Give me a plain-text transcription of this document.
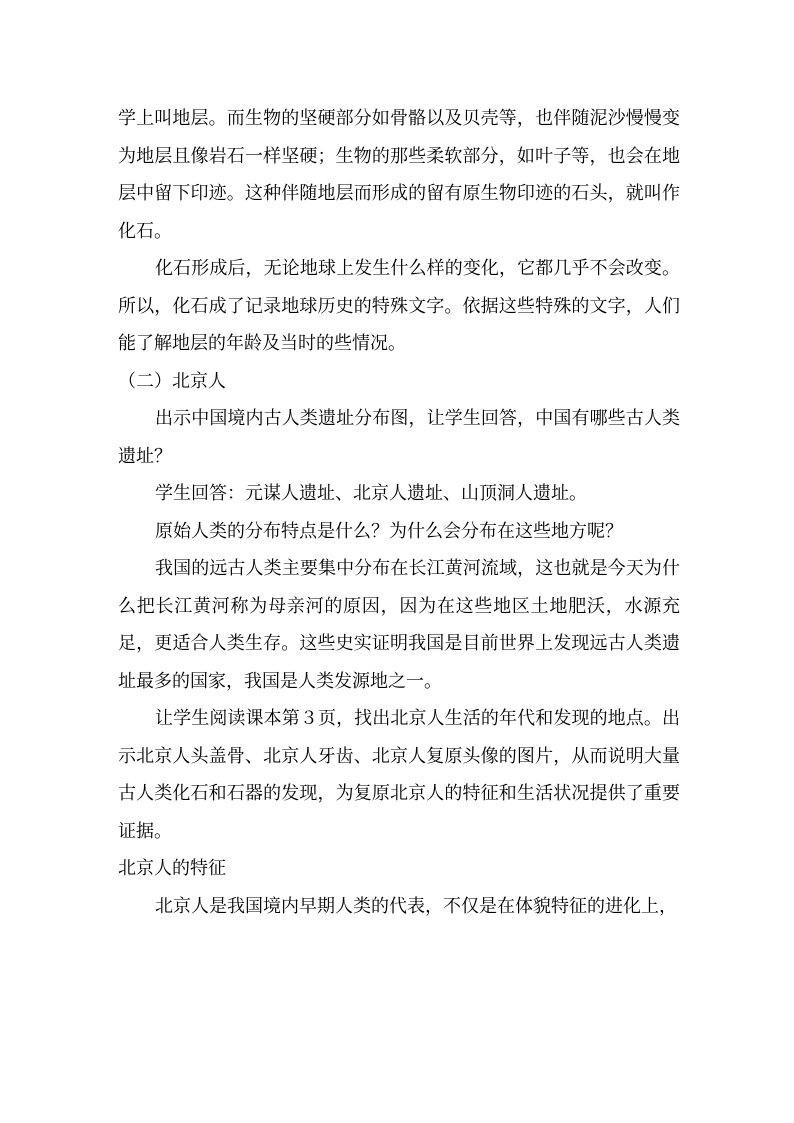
学上叫地层。而生物的坚硬部分如骨骼以及贝壳等，也伴随泥沙慢慢变为地层且像岩石一样坚硬；生物的那些柔软部分，如叶子等，也会在地层中留下印迹。这种伴随地层而形成的留有原生物印迹的石头，就叫作化石。

化石形成后，无论地球上发生什么样的变化，它都几乎不会改变。所以，化石成了记录地球历史的特殊文字。依据这些特殊的文字，人们能了解地层的年龄及当时的些情况。

（二）北京人

出示中国境内古人类遗址分布图，让学生回答，中国有哪些古人类遗址？

学生回答：元谋人遗址、北京人遗址、山顶洞人遗址。

原始人类的分布特点是什么？为什么会分布在这些地方呢？

我国的远古人类主要集中分布在长江黄河流域，这也就是今天为什么把长江黄河称为母亲河的原因，因为在这些地区土地肥沃，水源充足，更适合人类生存。这些史实证明我国是目前世界上发现远古人类遗址最多的国家，我国是人类发源地之一。

让学生阅读课本第３页，找出北京人生活的年代和发现的地点。出示北京人头盖骨、北京人牙齿、北京人复原头像的图片，从而说明大量古人类化石和石器的发现，为复原北京人的特征和生活状况提供了重要证据。

北京人的特征

北京人是我国境内早期人类的代表，不仅是在体貌特征的进化上，
